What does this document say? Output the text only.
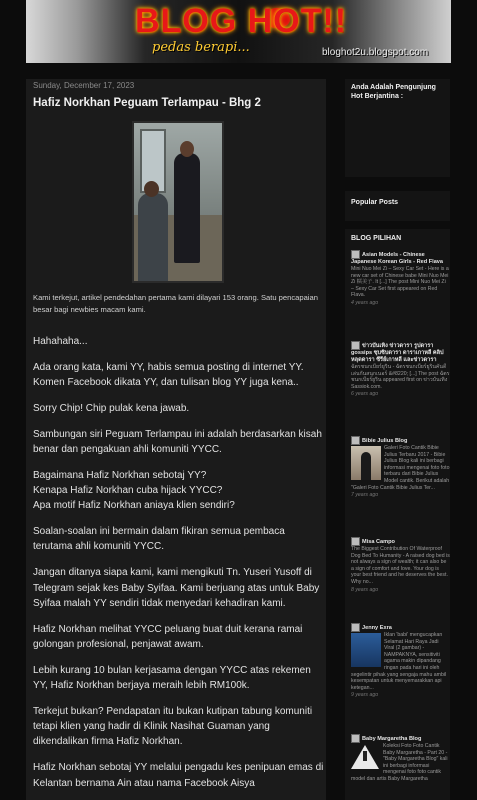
BLOG HOT!!
pedas berapi...	bloghot2u.blogspot.com
Sunday, December 17, 2023
Hafiz Norkhan Peguam Terlampau - Bhg 2
Kami terkejut, artikel pendedahan pertama kami dilayari 153 orang. Satu pencapaian besar bagi newbies macam kami.

Hahahaha...

Ada orang kata, kami YY, habis semua posting di internet YY. Komen Facebook dikata YY, dan tulisan blog YY juga kena..

Sorry Chip! Chip pulak kena jawab.

Sambungan siri Peguam Terlampau ini adalah berdasarkan kisah benar dan pengakuan ahli komuniti YYCC.

Bagaimana Hafiz Norkhan sebotaj YY?
Kenapa Hafiz Norkhan cuba hijack YYCC?
Apa motif Hafiz Norkhan aniaya klien sendiri?

Soalan-soalan ini bermain dalam fikiran semua pembaca terutama ahli komuniti YYCC.

Jangan ditanya siapa kami, kami mengikuti Tn. Yuseri Yusoff di Telegram sejak kes Baby Syifaa. Kami berjuang atas untuk Baby Syifaa malah YY sendiri tidak menyedari kehadiran kami.

Hafiz Norkhan melihat YYCC peluang buat duit kerana ramai golongan profesional, penjawat awam.

Lebih kurang 10 bulan kerjasama dengan YYCC atas rekemen YY, Hafiz Norkhan berjaya meraih lebih RM100k.

Terkejut bukan? Pendapatan itu bukan kutipan tabung komuniti tetapi klien yang hadir di Klinik Nasihat Guaman yang dikendalikan firma Hafiz Norkhan.

Hafiz Norkhan sebotaj YY melalui pengadu kes penipuan emas di Kelantan bernama Ain atau nama Facebook Aisya

Anda Adalah Pengunjung Hot Berjantina :
Popular Posts
BLOG PILIHAN
Asian Models - Chinese Japanese Korean Girls - Red Flava
Mini Nuo Mei Zi – Sexy Car Set - Here is a new car set of Chinese babe Mini Nuo Mei Zi 糯美子. It [...] The post Mini Nuo Mei Zi – Sexy Car Set first appeared on Red Flava.
4 years ago
ข่าวบันเทิง ข่าวดารา รูปดารา gossips ซุบซิบดารา ดาราเกาหลี คลิปหลุดดารา ซีรีย์เกาหลี และข่าวดารา
ฉัตรชนกเบียร์ยูริน - ฉัตรชนกเบียร์ยูรินคันดีเล่นกันสนุกเนอร์ &#8220; [...] The post ฉัตรชนกเบียร์ยูริน appeared first on ข่าวบันเทิง Sassiok.com.
6 years ago
Bibie Julius Blog
Galeri Foto Cantik Bibie Julius Terbaru 2017 - Bibie Julius Blog kali ini berbagi informasi mengenai foto foto terbaru dari Bibie Julius Model cantik. Berikut adalah "Galeri Foto Cantik Bibie Julius Ter...
7 years ago
Misa Campo
The Biggest Contribution Of Waterproof Dog Bed To Humanity - A raised dog bed is not always a sign of wealth; it can also be a sign of comfort and love. Your dog is your best friend and he deserves the best. Why no...
8 years ago
Jenny Exra
Iklan 'babi' mengucapkan Selamat Hari Raya Jadi Viral (2 gambar) - NAMPAKNYA, sensitiviti agama makin dipandang ringan pada hari ini oleh segelintir pihak yang sengaja mahu ambil kesempatan untuk menyemarakkan api ketegan...
9 years ago
Baby Margaretha Blog
Koleksi Foto Foto Cantik Baby Margaretha - Part 20 - "Baby Margaretha Blog" kali ini berbagi informasi mengenai foto foto cantik model dan artis Baby Margaretha
